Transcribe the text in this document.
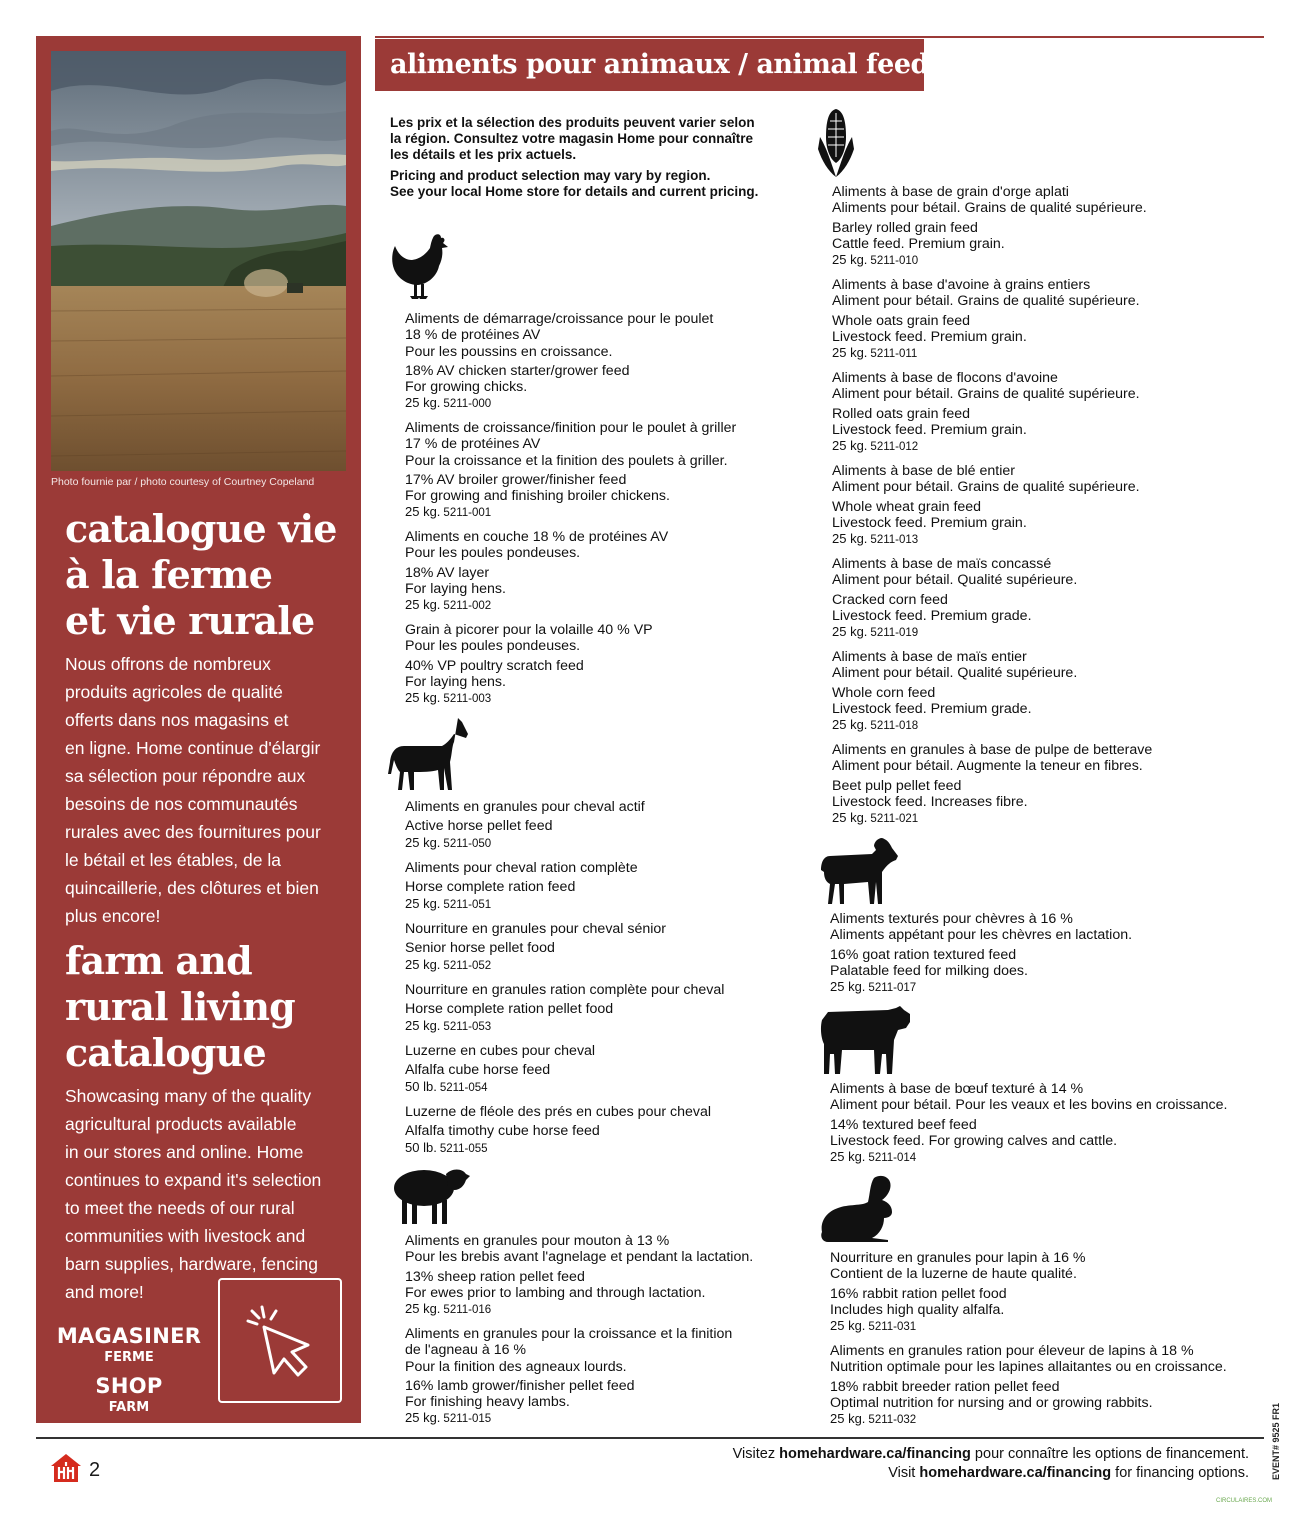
Photo fournie par / photo courtesy of Courtney Copeland
catalogue vie
à la ferme
et vie rurale
Nous offrons de nombreux
produits agricoles de qualité
offerts dans nos magasins et
en ligne. Home continue d'élargir
sa sélection pour répondre aux
besoins de nos communautés
rurales avec des fournitures pour
le bétail et les étables, de la
quincaillerie, des clôtures et bien
plus encore!
farm and
rural living
catalogue
Showcasing many of the quality
agricultural products available
in our stores and online. Home
continues to expand it's selection
to meet the needs of our rural
communities with livestock and
barn supplies, hardware, fencing
and more!
MAGASINER
FERME
SHOP
FARM
aliments pour animaux / animal feed

Les prix et la sélection des produits peuvent varier selon
la région. Consultez votre magasin Home pour connaître
les détails et les prix actuels.

Pricing and product selection may vary by region.
See your local Home store for details and current pricing.

Aliments de démarrage/croissance pour le poulet
18 % de protéines AV
Pour les poussins en croissance.
18% AV chicken starter/grower feed
For growing chicks.
25 kg. 5211-000
Aliments de croissance/finition pour le poulet à griller
17 % de protéines AV
Pour la croissance et la finition des poulets à griller.
17% AV broiler grower/finisher feed
For growing and finishing broiler chickens.
25 kg. 5211-001
Aliments en couche 18 % de protéines AV
Pour les poules pondeuses.
18% AV layer
For laying hens.
25 kg. 5211-002
Grain à picorer pour la volaille 40 % VP
Pour les poules pondeuses.
40% VP poultry scratch feed
For laying hens.
25 kg. 5211-003
Aliments en granules pour cheval actif
Active horse pellet feed
25 kg. 5211-050
Aliments pour cheval ration complète
Horse complete ration feed
25 kg. 5211-051
Nourriture en granules pour cheval sénior
Senior horse pellet food
25 kg. 5211-052
Nourriture en granules ration complète pour cheval
Horse complete ration pellet food
25 kg. 5211-053
Luzerne en cubes pour cheval
Alfalfa cube horse feed
50 lb. 5211-054
Luzerne de fléole des prés en cubes pour cheval
Alfalfa timothy cube horse feed
50 lb. 5211-055
Aliments en granules pour mouton à 13 %
Pour les brebis avant l'agnelage et pendant la lactation.
13% sheep ration pellet feed
For ewes prior to lambing and through lactation.
25 kg. 5211-016
Aliments en granules pour la croissance et la finition
de l'agneau à 16 %
Pour la finition des agneaux lourds.
16% lamb grower/finisher pellet feed
For finishing heavy lambs.
25 kg. 5211-015
Aliments à base de grain d'orge aplati
Aliments pour bétail. Grains de qualité supérieure.
Barley rolled grain feed
Cattle feed. Premium grain.
25 kg. 5211-010
Aliments à base d'avoine à grains entiers
Aliment pour bétail. Grains de qualité supérieure.
Whole oats grain feed
Livestock feed. Premium grain.
25 kg. 5211-011
Aliments à base de flocons d'avoine
Aliment pour bétail. Grains de qualité supérieure.
Rolled oats grain feed
Livestock feed. Premium grain.
25 kg. 5211-012
Aliments à base de blé entier
Aliment pour bétail. Grains de qualité supérieure.
Whole wheat grain feed
Livestock feed. Premium grain.
25 kg. 5211-013
Aliments à base de maïs concassé
Aliment pour bétail. Qualité supérieure.
Cracked corn feed
Livestock feed. Premium grade.
25 kg. 5211-019
Aliments à base de maïs entier
Aliment pour bétail. Qualité supérieure.
Whole corn feed
Livestock feed. Premium grade.
25 kg. 5211-018
Aliments en granules à base de pulpe de betterave
Aliment pour bétail. Augmente la teneur en fibres.
Beet pulp pellet feed
Livestock feed. Increases fibre.
25 kg. 5211-021
Aliments texturés pour chèvres à 16 %
Aliments appétant pour les chèvres en lactation.
16% goat ration textured feed
Palatable feed for milking does.
25 kg. 5211-017
Aliments à base de bœuf texturé à 14 %
Aliment pour bétail. Pour les veaux et les bovins en croissance.
14% textured beef feed
Livestock feed. For growing calves and cattle.
25 kg. 5211-014
Nourriture en granules pour lapin à 16 %
Contient de la luzerne de haute qualité.
16% rabbit ration pellet food
Includes high quality alfalfa.
25 kg. 5211-031
Aliments en granules ration pour éleveur de lapins à 18 %
Nutrition optimale pour les lapines allaitantes ou en croissance.
18% rabbit breeder ration pellet feed
Optimal nutrition for nursing and or growing rabbits.
25 kg. 5211-032
2
Visitez homehardware.ca/financing pour connaître les options de financement.
Visit homehardware.ca/financing for financing options. EVENT# 9525 FR1
CIRCULAIRES.COM
